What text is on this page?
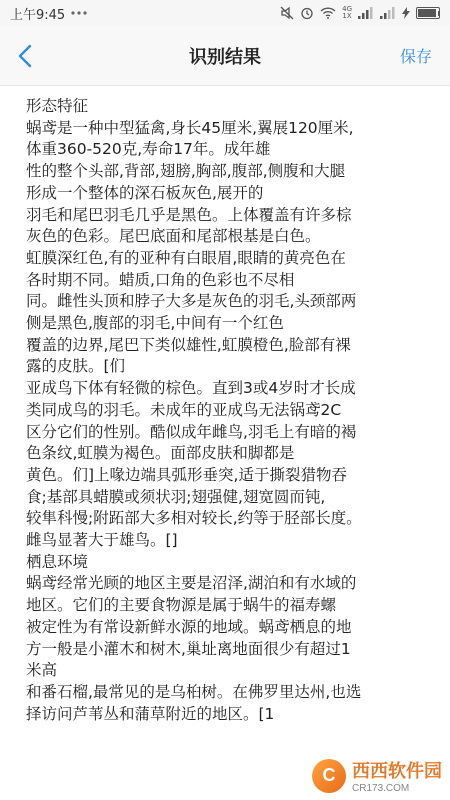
上午9:45	4G
1X
识别结果	保存

形态特征

蜗鸢是一种中型猛禽,身长45厘米,翼展120厘米,

体重360-520克,寿命17年。成年雄

性的整个头部,背部,翅膀,胸部,腹部,侧腹和大腿

形成一个整体的深石板灰色,展开的

羽毛和尾巴羽毛几乎是黑色。上体覆盖有许多棕

灰色的色彩。尾巴底面和尾部根基是白色。

虹膜深红色,有的亚种有白眼眉,眼睛的黄亮色在

各时期不同。蜡质,口角的色彩也不尽相

同。雌性头顶和脖子大多是灰色的羽毛,头颈部两

侧是黑色,腹部的羽毛,中间有一个红色

覆盖的边界,尾巴下类似雄性,虹膜橙色,脸部有裸

露的皮肤。[们

亚成鸟下体有轻微的棕色。直到3或4岁时才长成

类同成鸟的羽毛。未成年的亚成鸟无法锅鸢2C

区分它们的性别。酷似成年雌鸟,羽毛上有暗的褐

色条纹,虹膜为褐色。面部皮肤和脚都是

黄色。们]上喙边端具弧形垂突,适于撕裂猎物吞

食;基部具蜡膜或须状羽;翅强健,翅宽圆而钝,

较隼科慢;附跖部大多相对较长,约等于胫部长度。

雌鸟显著大于雄鸟。[]

栖息环境

蜗鸢经常光顾的地区主要是沼泽,湖泊和有水域的

地区。它们的主要食物源是属于蜗牛的福寿螺

被定性为有常设新鲜水源的地域。蜗鸢栖息的地

方一般是小灌木和树木,巢址离地面很少有超过1

米高

和番石榴,最常见的是乌桕树。在佛罗里达州,也选

择访问芦苇丛和蒲草附近的地区。[1

C 西西软件园
CR173.COM
